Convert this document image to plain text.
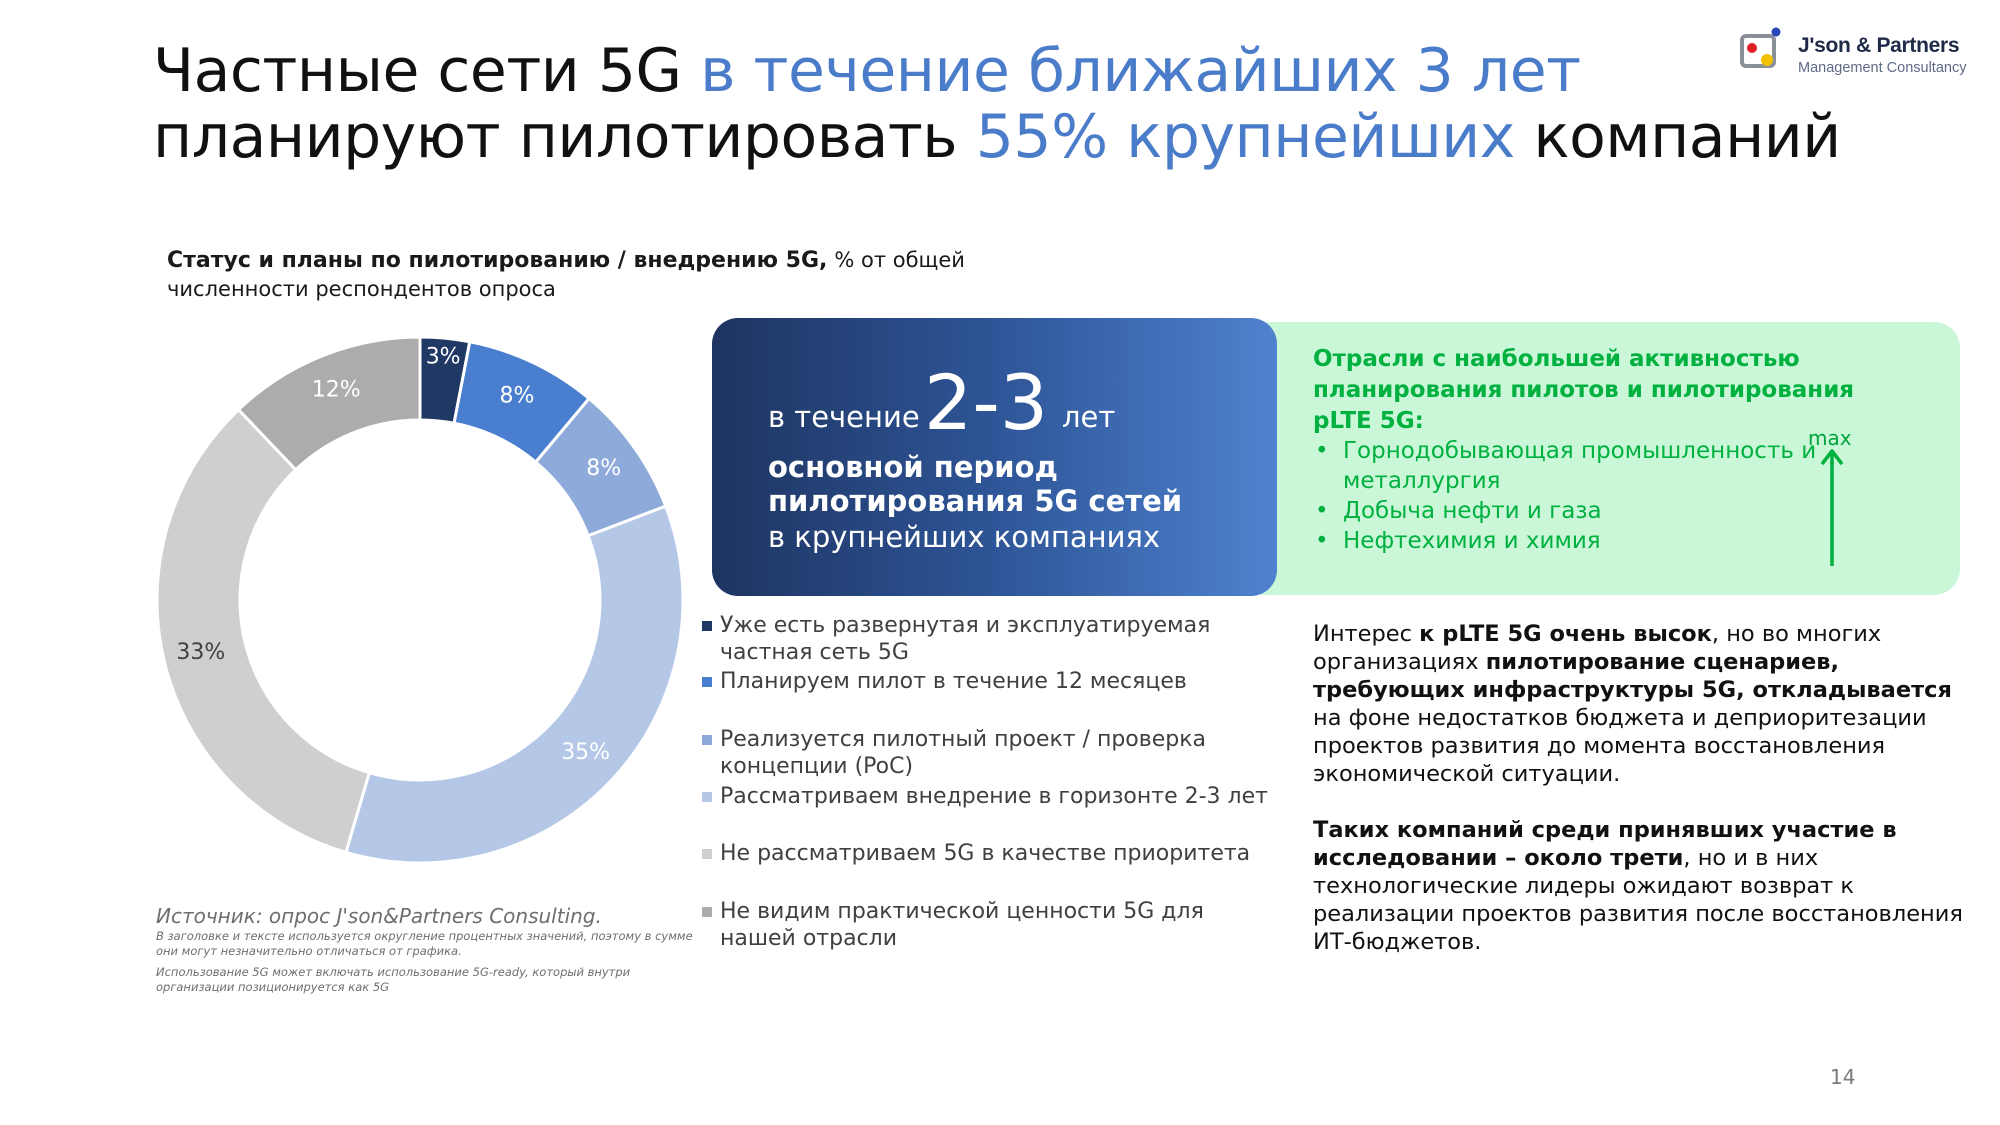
Частные сети 5G в течение ближайших 3 лет
планируют пилотировать 55% крупнейших компаний
J'son & Partners
Management Consultancy
Статус и планы по пилотированию / внедрению 5G, % от общей
численности респондентов опроса
3%
8%
8%
35%
33%
12%
Уже есть развернутая и эксплуатируемая частная сеть 5G
Планируем пилот в течение 12 месяцев
Реализуется пилотный проект / проверка концепции (PoC)
Рассматриваем внедрение в горизонте 2-3 лет
Не рассматриваем 5G в качестве приоритета
Не видим практической ценности 5G для нашей отрасли
Источник: опрос J'son&Partners Consulting.
В заголовке и тексте используется округление процентных значений, поэтому в сумме они могут незначительно отличаться от графика.
Использование 5G может включать использование 5G-ready, который внутри организации позиционируется как 5G
Отрасли с наибольшей активностью планирования пилотов и пилотирования pLTE 5G:
• Горнодобывающая промышленность и металлургия
• Добыча нефти и газа
• Нефтехимия и химия
max
в течение 2-3 лет
основной период пилотирования 5G сетей
в крупнейших компаниях
Интерес к pLTE 5G очень высок, но во многих организациях пилотирование сценариев, требующих инфраструктуры 5G, откладывается на фоне недостатков бюджета и деприоритезации проектов развития до момента восстановления экономической ситуации.
Таких компаний среди принявших участие в исследовании – около трети, но и в них технологические лидеры ожидают возврат к реализации проектов развития после восстановления ИТ-бюджетов.
14
